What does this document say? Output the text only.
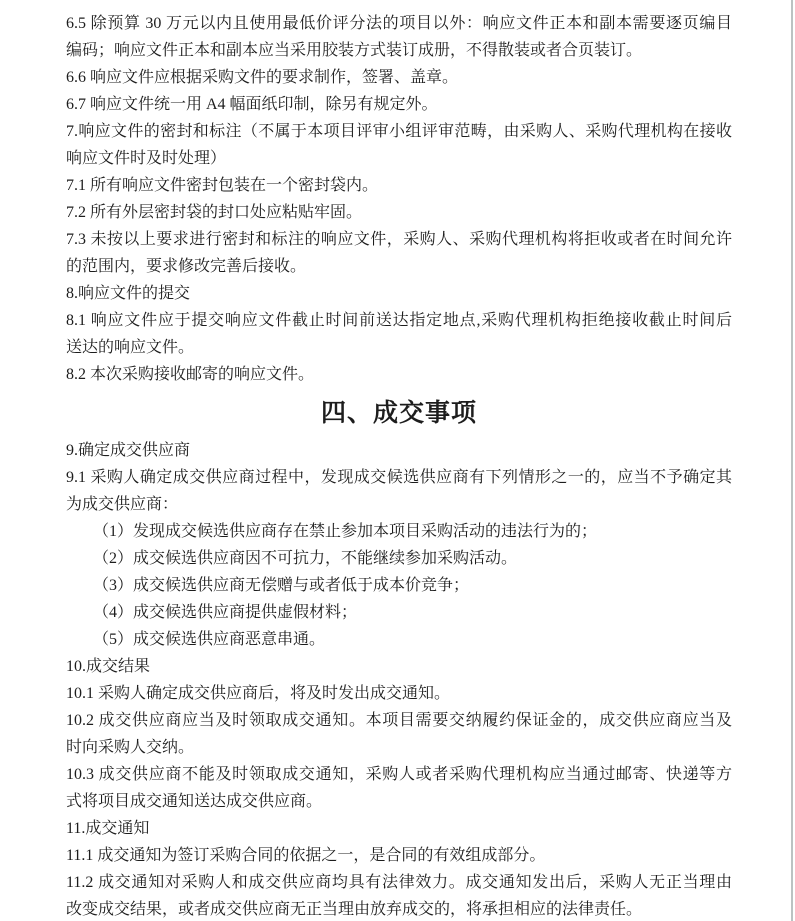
6.5 除预算 30 万元以内且使用最低价评分法的项目以外：响应文件正本和副本需要逐页编目
编码；响应文件正本和副本应当采用胶装方式装订成册，不得散装或者合页装订。
6.6 响应文件应根据采购文件的要求制作，签署、盖章。
6.7 响应文件统一用 A4 幅面纸印制，除另有规定外。
7.响应文件的密封和标注（不属于本项目评审小组评审范畴，由采购人、采购代理机构在接收
响应文件时及时处理）
7.1 所有响应文件密封包装在一个密封袋内。
7.2 所有外层密封袋的封口处应粘贴牢固。
7.3 未按以上要求进行密封和标注的响应文件，采购人、采购代理机构将拒收或者在时间允许
的范围内，要求修改完善后接收。
8.响应文件的提交
8.1 响应文件应于提交响应文件截止时间前送达指定地点,采购代理机构拒绝接收截止时间后
送达的响应文件。
8.2 本次采购接收邮寄的响应文件。
四、成交事项
9.确定成交供应商
9.1 采购人确定成交供应商过程中，发现成交候选供应商有下列情形之一的，应当不予确定其
为成交供应商：
（1）发现成交候选供应商存在禁止参加本项目采购活动的违法行为的；
（2）成交候选供应商因不可抗力，不能继续参加采购活动。
（3）成交候选供应商无偿赠与或者低于成本价竞争；
（4）成交候选供应商提供虚假材料；
（5）成交候选供应商恶意串通。
10.成交结果
10.1 采购人确定成交供应商后，将及时发出成交通知。
10.2 成交供应商应当及时领取成交通知。本项目需要交纳履约保证金的，成交供应商应当及
时向采购人交纳。
10.3 成交供应商不能及时领取成交通知，采购人或者采购代理机构应当通过邮寄、快递等方
式将项目成交通知送达成交供应商。
11.成交通知
11.1 成交通知为签订采购合同的依据之一，是合同的有效组成部分。
11.2 成交通知对采购人和成交供应商均具有法律效力。成交通知发出后，采购人无正当理由
改变成交结果，或者成交供应商无正当理由放弃成交的，将承担相应的法律责任。
